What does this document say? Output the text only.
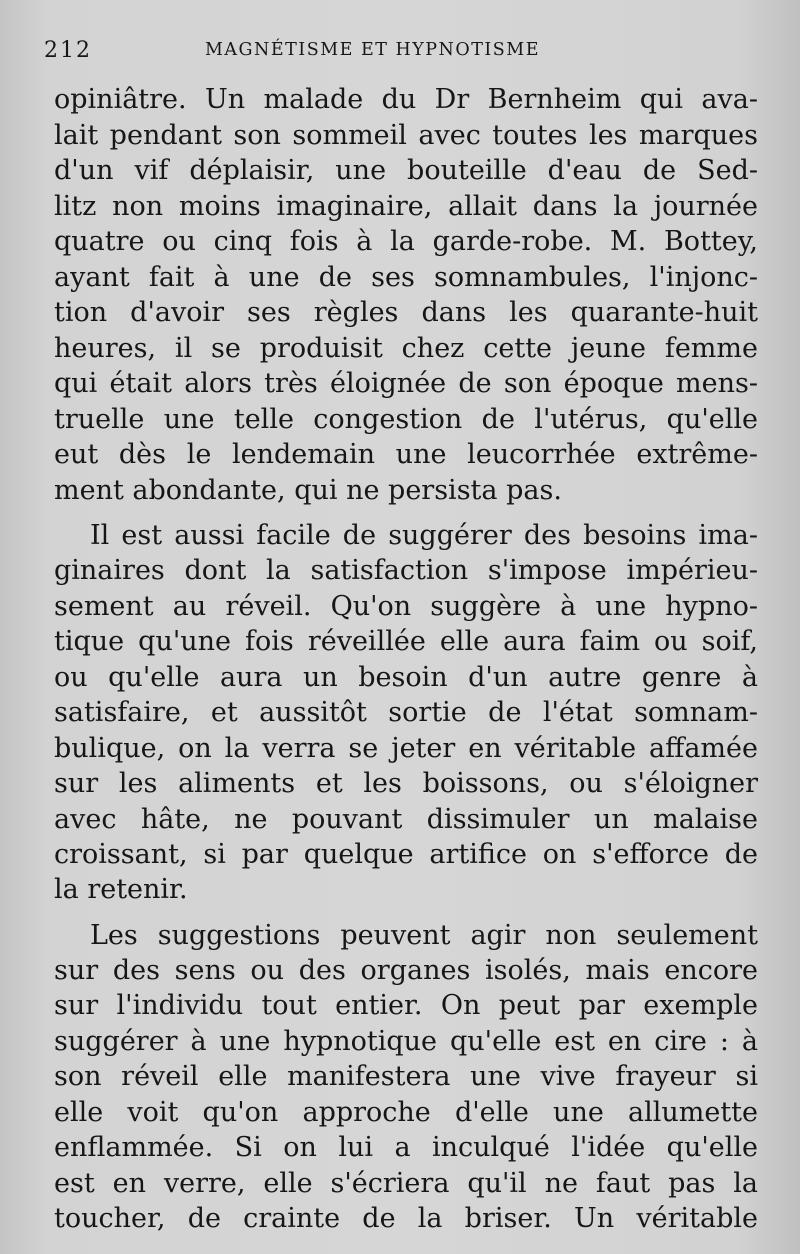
212	MAGNÉTISME ET HYPNOTISME
opiniâtre. Un malade du Dr Bernheim qui ava-
lait pendant son sommeil avec toutes les marques
d'un vif déplaisir, une bouteille d'eau de Sed-
litz non moins imaginaire, allait dans la journée
quatre ou cinq fois à la garde-robe. M. Bottey,
ayant fait à une de ses somnambules, l'injonc-
tion d'avoir ses règles dans les quarante-huit
heures, il se produisit chez cette jeune femme
qui était alors très éloignée de son époque mens-
truelle une telle congestion de l'utérus, qu'elle
eut dès le lendemain une leucorrhée extrême-
ment abondante, qui ne persista pas.
Il est aussi facile de suggérer des besoins ima-
ginaires dont la satisfaction s'impose impérieu-
sement au réveil. Qu'on suggère à une hypno-
tique qu'une fois réveillée elle aura faim ou soif,
ou qu'elle aura un besoin d'un autre genre à
satisfaire, et aussitôt sortie de l'état somnam-
bulique, on la verra se jeter en véritable affamée
sur les aliments et les boissons, ou s'éloigner
avec hâte, ne pouvant dissimuler un malaise
croissant, si par quelque artifice on s'efforce de
la retenir.
Les suggestions peuvent agir non seulement
sur des sens ou des organes isolés, mais encore
sur l'individu tout entier. On peut par exemple
suggérer à une hypnotique qu'elle est en cire : à
son réveil elle manifestera une vive frayeur si
elle voit qu'on approche d'elle une allumette
enflammée. Si on lui a inculqué l'idée qu'elle
est en verre, elle s'écriera qu'il ne faut pas la
toucher, de crainte de la briser. Un véritable
